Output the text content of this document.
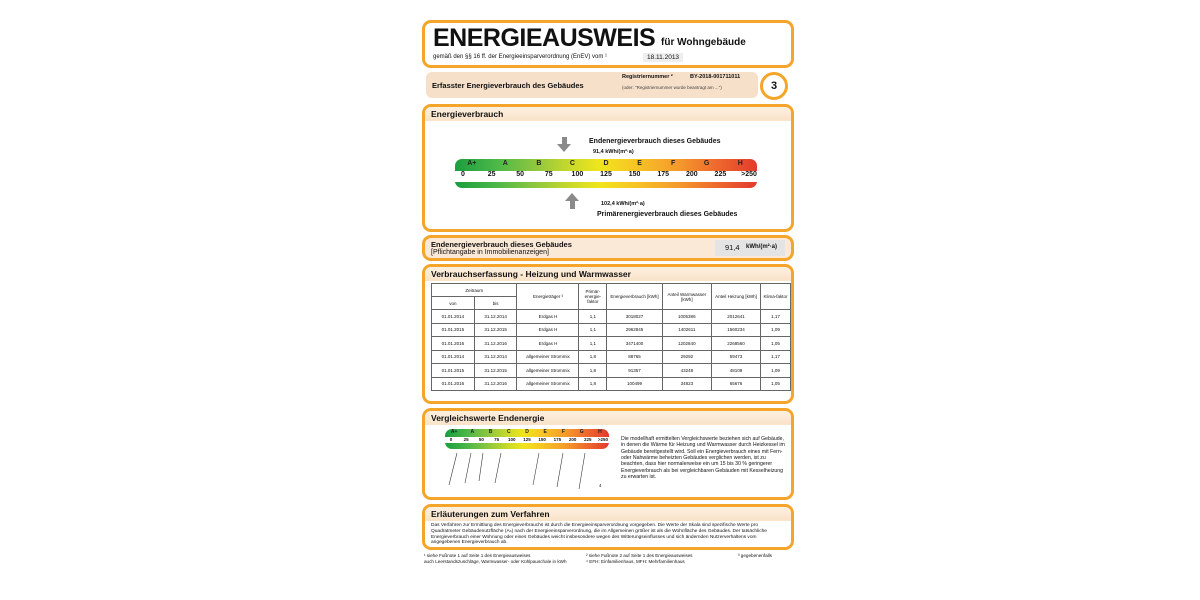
ENERGIEAUSWEIS für Wohngebäude
gemäß den §§ 16 ff. der Energieeinsparverordnung (EnEV) vom ¹	18.11.2013
Erfasster Energieverbrauch des Gebäudes
Registriernummer ²	BY-2018-001711011
(oder: "Registriernummer wurde beantragt am ...")	3
Energieverbrauch
Endenergieverbrauch dieses Gebäudes
91,4 kWh/(m²·a)
A+	A	B	C	D	E	F	G	H
0	25	50	75	100	125	150	175	200	225	>250
102,4 kWh/(m²·a)
Primärenergieverbrauch dieses Gebäudes
Endenergieverbrauch dieses Gebäudes
[Pflichtangabe in Immobilienanzeigen]
91,4 kWh/(m²·a)
Verbrauchserfassung - Heizung und Warmwasser
Zeitraum		Energieträger ³	Primär-energie-faktor	Energieverbrauch [kWh]	Anteil Warmwasser [kWh]	Anteil Heizung [kWh]	Klima-faktor
von	bis						
01.01.2014	31.12.2014	Erdgas H	1,1	3018027	1005386	2012641	1,17
01.01.2015	31.12.2015	Erdgas H	1,1	2962845	1402611	1560234	1,09
01.01.2016	31.12.2016	Erdgas H	1,1	3471400	1202840	2268560	1,05
01.01.2014	31.12.2014	allgemeiner Strommix	1,8	88765	29292	59473	1,17
01.01.2015	31.12.2015	allgemeiner Strommix	1,8	91357	43248	48109	1,09
01.01.2016	31.12.2016	allgemeiner Strommix	1,8	100499	34823	65676	1,05
Vergleichswerte Endenergie
A+	A	B	C	D	E	F	G	H
0	25	50	75	100	125	150	175	200	225	>250	Die modellhaft ermittelten Vergleichswerte beziehen sich auf Gebäude, in denen die Wärme für Heizung und Warmwasser durch Heizkessel im Gebäude bereitgestellt wird. Soll ein Energieverbrauch eines mit Fern- oder Nahwärme beheizten Gebäudes verglichen werden, ist zu beachten, dass hier normalerweise ein um 15 bis 30 % geringerer Energieverbrauch als bei vergleichbaren Gebäuden mit Kesselheizung zu erwarten ist.
4
Erläuterungen zum Verfahren
Das Verfahren zur Ermittlung des Energieverbrauchs ist durch die Energieeinsparverordnung vorgegeben. Die Werte der Skala sind spezifische Werte pro Quadratmeter Gebäudenutzfläche (Aₙ) nach der Energieeinsparverordnung, die im Allgemeinen größer ist als die Wohnfläche des Gebäudes. Der tatsächliche Energieverbrauch einer Wohnung oder eines Gebäudes weicht insbesondere wegen des Witterungseinflusses und sich ändernden Nutzerverhaltens vom angegebenen Energieverbrauch ab.
¹ siehe Fußnote 1 auf Seite 1 des Energieausweises	² siehe Fußnote 2 auf Seite 1 des Energieausweises	³ gegebenenfalls
auch Leerstandszuschläge, Warmwasser- oder Kühlpauschale in kWh	⁴ EFH: Einfamilienhaus, MFH: Mehrfamilienhaus
